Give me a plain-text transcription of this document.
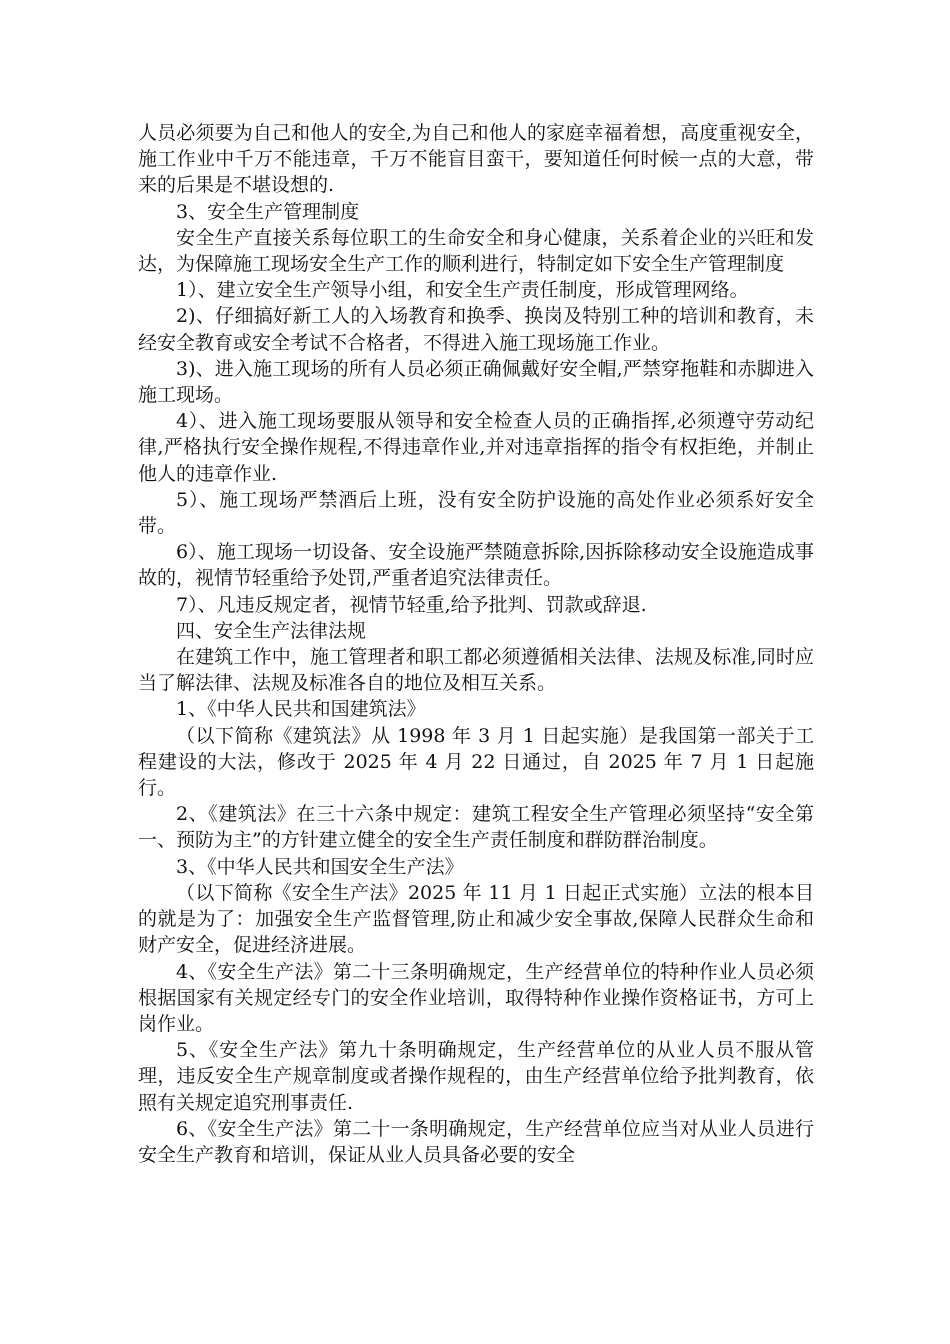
人员必须要为自己和他人的安全,为自己和他人的家庭幸福着想，高度重视安全，施工作业中千万不能违章，千万不能盲目蛮干，要知道任何时候一点的大意，带来的后果是不堪设想的.

3、安全生产管理制度

安全生产直接关系每位职工的生命安全和身心健康，关系着企业的兴旺和发达，为保障施工现场安全生产工作的顺利进行，特制定如下安全生产管理制度

1）、建立安全生产领导小组，和安全生产责任制度，形成管理网络。

2)、仔细搞好新工人的入场教育和换季、换岗及特别工种的培训和教育，未经安全教育或安全考试不合格者，不得进入施工现场施工作业。

3)、进入施工现场的所有人员必须正确佩戴好安全帽,严禁穿拖鞋和赤脚进入施工现场。

4）、进入施工现场要服从领导和安全检查人员的正确指挥,必须遵守劳动纪律,严格执行安全操作规程,不得违章作业,并对违章指挥的指令有权拒绝，并制止他人的违章作业.

5）、施工现场严禁酒后上班，没有安全防护设施的高处作业必须系好安全带。

6）、施工现场一切设备、安全设施严禁随意拆除,因拆除移动安全设施造成事故的，视情节轻重给予处罚,严重者追究法律责任。

7）、凡违反规定者，视情节轻重,给予批判、罚款或辞退.

四、安全生产法律法规

在建筑工作中，施工管理者和职工都必须遵循相关法律、法规及标准,同时应当了解法律、法规及标准各自的地位及相互关系。

1、《中华人民共和国建筑法》

（以下简称《建筑法》从 1998 年 3 月 1 日起实施）是我国第一部关于工程建设的大法，修改于 2025 年 4 月 22 日通过，自 2025 年 7 月 1 日起施行。

2、《建筑法》在三十六条中规定：建筑工程安全生产管理必须坚持“安全第一、预防为主”的方针建立健全的安全生产责任制度和群防群治制度。

3、《中华人民共和国安全生产法》

（以下简称《安全生产法》2025 年 11 月 1 日起正式实施）立法的根本目的就是为了：加强安全生产监督管理,防止和减少安全事故,保障人民群众生命和财产安全，促进经济进展。

4、《安全生产法》第二十三条明确规定，生产经营单位的特种作业人员必须根据国家有关规定经专门的安全作业培训，取得特种作业操作资格证书，方可上岗作业。

5、《安全生产法》第九十条明确规定，生产经营单位的从业人员不服从管理，违反安全生产规章制度或者操作规程的，由生产经营单位给予批判教育，依照有关规定追究刑事责任.

6、《安全生产法》第二十一条明确规定，生产经营单位应当对从业人员进行安全生产教育和培训，保证从业人员具备必要的安全
